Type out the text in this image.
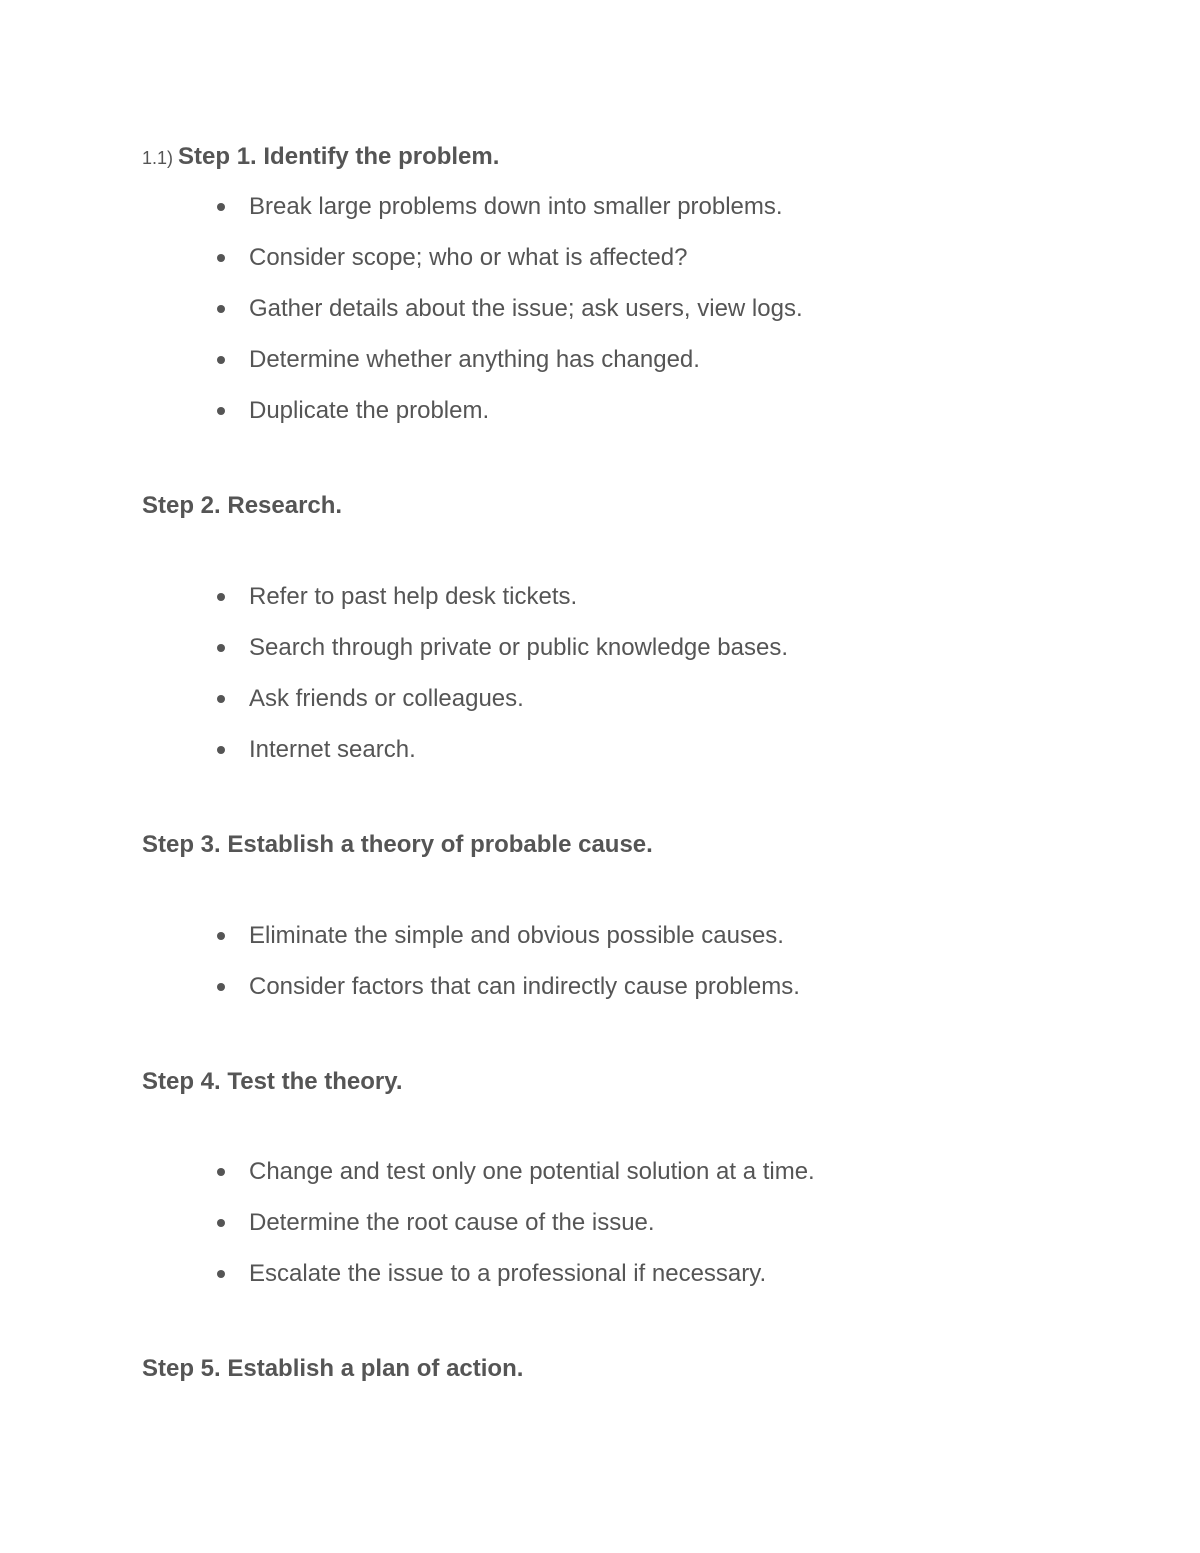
1.1) Step 1. Identify the problem.
Break large problems down into smaller problems.
Consider scope; who or what is affected?
Gather details about the issue; ask users, view logs.
Determine whether anything has changed.
Duplicate the problem.
Step 2. Research.
Refer to past help desk tickets.
Search through private or public knowledge bases.
Ask friends or colleagues.
Internet search.
Step 3. Establish a theory of probable cause.
Eliminate the simple and obvious possible causes.
Consider factors that can indirectly cause problems.
Step 4. Test the theory.
Change and test only one potential solution at a time.
Determine the root cause of the issue.
Escalate the issue to a professional if necessary.
Step 5. Establish a plan of action.
